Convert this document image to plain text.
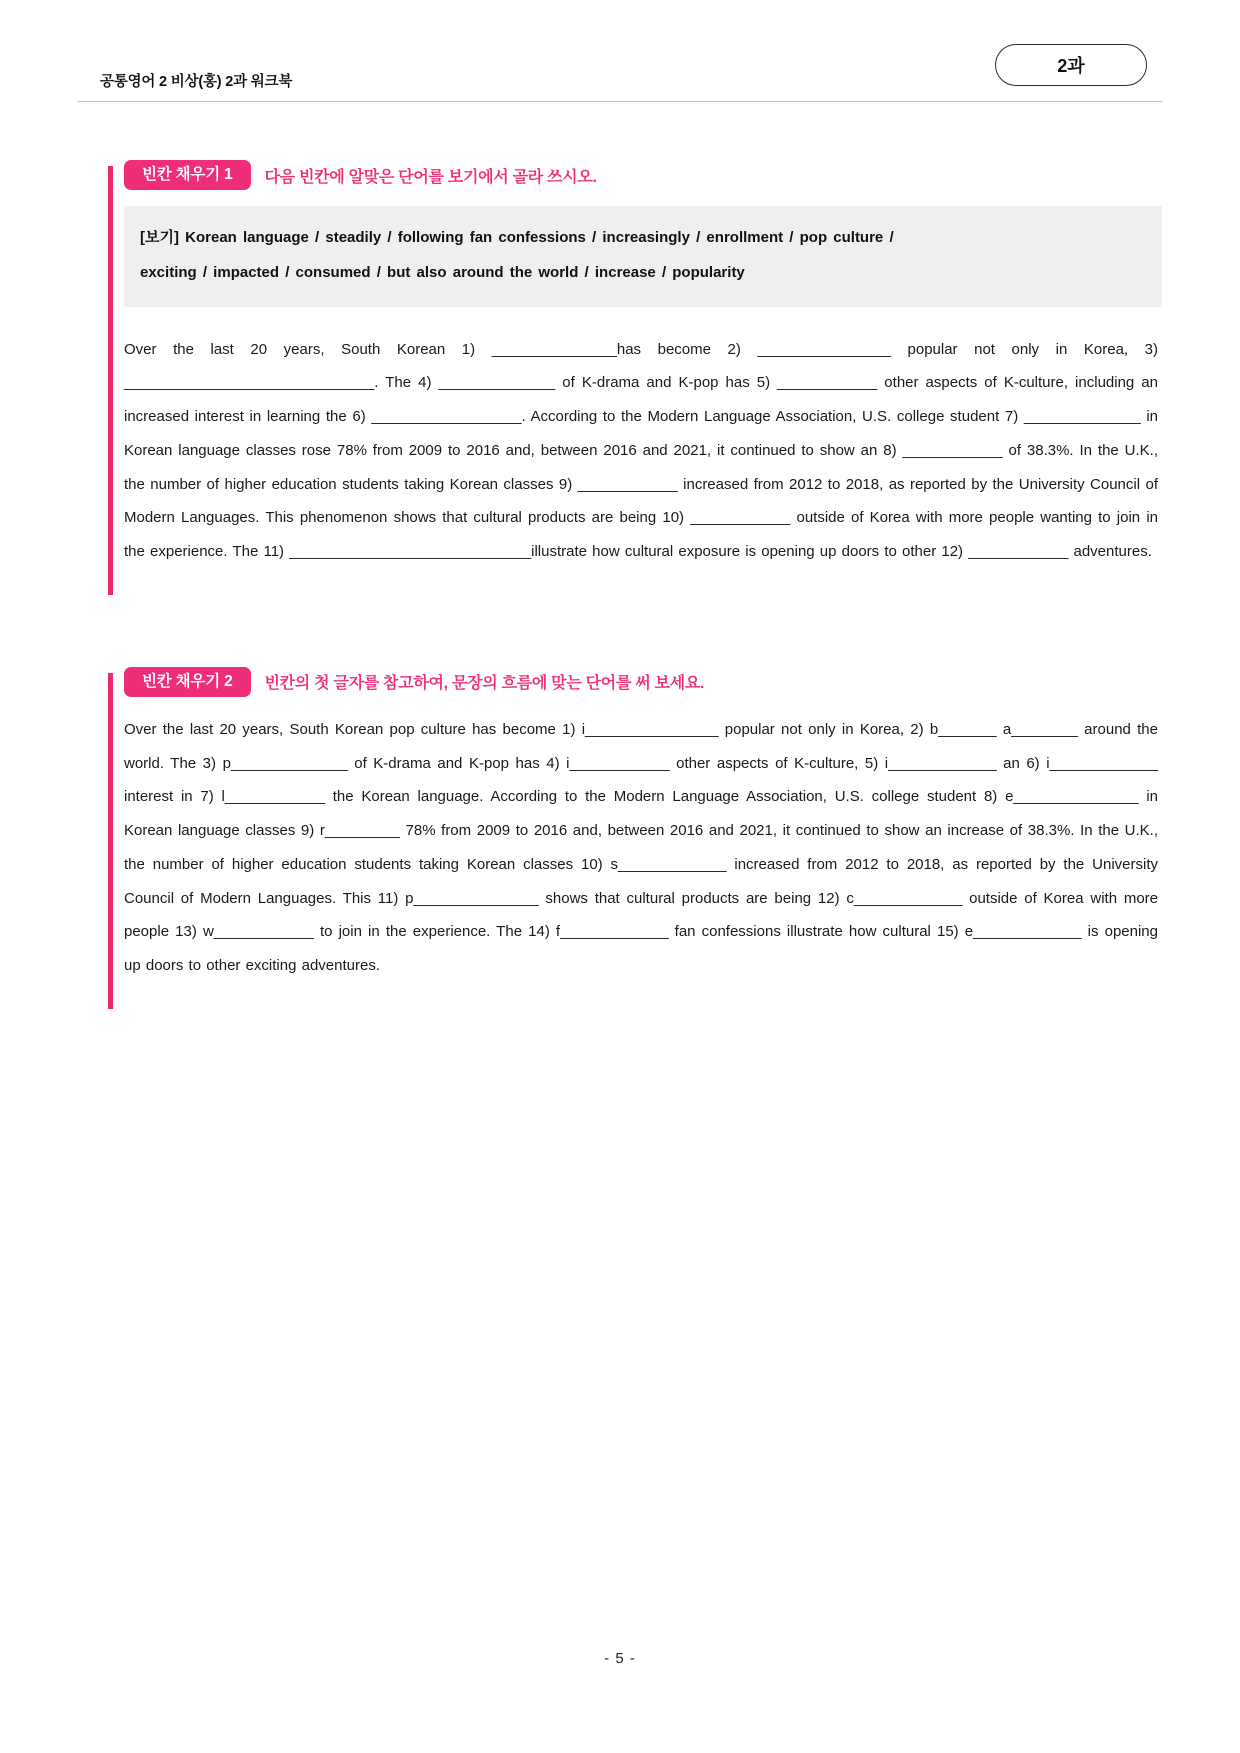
공통영어 2 비상(홍) 2과 워크북
2과
빈칸 채우기 1	다음 빈칸에 알맞은 단어를 보기에서 골라 쓰시오.
[보기] Korean language / steadily / following fan confessions / increasingly / enrollment / pop culture /
exciting / impacted / consumed / but also around the world / increase / popularity
Over the last 20 years, South Korean 1) _______________has become 2) ________________ popular not only in Korea, 3) ______________________________. The 4) ______________ of K-drama and K-pop has 5) ____________ other aspects of K-culture, including an increased interest in learning the 6) __________________. According to the Modern Language Association, U.S. college student 7) ______________ in Korean language classes rose 78% from 2009 to 2016 and, between 2016 and 2021, it continued to show an 8) ____________ of 38.3%. In the U.K., the number of higher education students taking Korean classes 9) ____________ increased from 2012 to 2018, as reported by the University Council of Modern Languages. This phenomenon shows that cultural products are being 10) ____________ outside of Korea with more people wanting to join in the experience. The 11) _____________________________illustrate how cultural exposure is opening up doors to other 12) ____________ adventures.
빈칸 채우기 2	빈칸의 첫 글자를 참고하여, 문장의 흐름에 맞는 단어를 써 보세요.
Over the last 20 years, South Korean pop culture has become 1) i________________ popular not only in Korea, 2) b_______ a________ around the world. The 3) p______________ of K-drama and K-pop has 4) i____________ other aspects of K-culture, 5) i_____________ an 6) i_____________ interest in 7) l____________ the Korean language. According to the Modern Language Association, U.S. college student 8) e_______________ in Korean language classes 9) r_________ 78% from 2009 to 2016 and, between 2016 and 2021, it continued to show an increase of 38.3%. In the U.K., the number of higher education students taking Korean classes 10) s_____________ increased from 2012 to 2018, as reported by the University Council of Modern Languages. This 11) p_______________ shows that cultural products are being 12) c_____________ outside of Korea with more people 13) w____________ to join in the experience. The 14) f_____________ fan confessions illustrate how cultural 15) e_____________ is opening up doors to other exciting adventures.
- 5 -
